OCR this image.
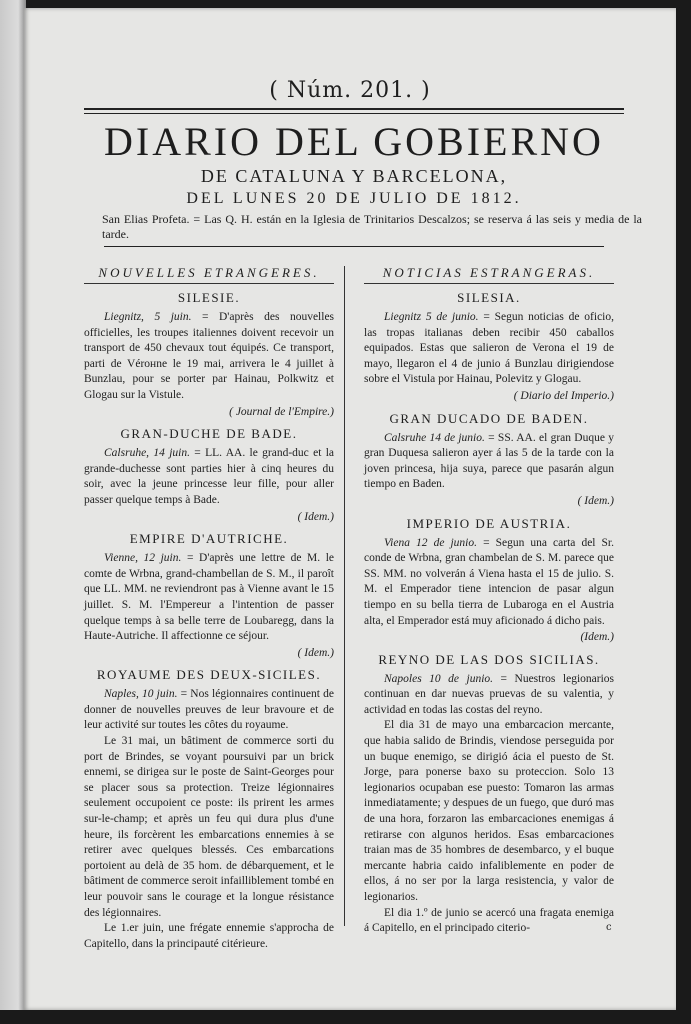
( Núm. 201. )
DIARIO DEL GOBIERNO
DE CATALUNA Y BARCELONA,
DEL LUNES 20 DE JULIO DE 1812.
San Elias Profeta. = Las Q. H. están en la Iglesia de Trinitarios Descalzos; se reserva á las seis y media de la tarde.
NOUVELLES ETRANGERES.
SILESIE.

Liegnitz, 5 juin. = D'après des nouvelles officielles, les troupes italiennes doivent recevoir un transport de 450 chevaux tout équipés. Ce transport, parti de Vérонne le 19 mai, arrivera le 4 juillet à Bunzlau, pour se porter par Hainau, Polkwitz et Glogau sur la Vistule.

( Journal de l'Empire.)
GRAN-DUCHE DE BADE.

Calsruhe, 14 juin. = LL. AA. le grand-duc et la grande-duchesse sont parties hier à cinq heures du soir, avec la jeune princesse leur fille, pour aller passer quelque temps à Bade.

( Idem.)
EMPIRE D'AUTRICHE.

Vienne, 12 juin. = D'après une lettre de M. le comte de Wrbna, grand-chambellan de S. M., il paroît que LL. MM. ne reviendront pas à Vienne avant le 15 juillet. S. M. l'Empereur a l'intention de passer quelque temps à sa belle terre de Loubaregg, dans la Haute-Autriche. Il affectionne ce séjour.

( Idem.)
ROYAUME DES DEUX-SICILES.

Naples, 10 juin. = Nos légionnaires continuent de donner de nouvelles preuves de leur bravoure et de leur activité sur toutes les côtes du royaume.

Le 31 mai, un bâtiment de commerce sorti du port de Brindes, se voyant poursuivi par un brick ennemi, se dirigea sur le poste de Saint-Georges pour se placer sous sa protection. Treize légionnaires seulement occupoient ce poste: ils prirent les armes sur-le-champ; et après un feu qui dura plus d'une heure, ils forcèrent les embarcations ennemies à se retirer avec quelques blessés. Ces embarcations portoient au delà de 35 hom. de débarquement, et le bâtiment de commerce seroit infailliblement tombé en leur pouvoir sans le courage et la longue résistance des légionnaires.

Le 1.er juin, une frégate ennemie s'approcha de Capitello, dans la principauté citérieure.

NOTICIAS ESTRANGERAS.
SILESIA.

Liegnitz 5 de junio. = Segun noticias de oficio, las tropas italianas deben recibir 450 caballos equipados. Estas que salieron de Verona el 19 de mayo, llegaron el 4 de junio á Bunzlau dirigiendose sobre el Vistula por Hainau, Polevitz y Glogau.

( Diario del Imperio.)
GRAN DUCADO DE BADEN.

Calsruhe 14 de junio. = SS. AA. el gran Duque y gran Duquesa salieron ayer á las 5 de la tarde con la joven princesa, hija suya, parece que pasarán algun tiempo en Baden.

( Idem.)
IMPERIO DE AUSTRIA.

Viena 12 de junio. = Segun una carta del Sr. conde de Wrbna, gran chambelan de S. M. parece que SS. MM. no volverán á Viena hasta el 15 de julio. S. M. el Emperador tiene intencion de pasar algun tiempo en su bella tierra de Lubaroga en el Austria alta, el Emperador está muy aficionado á dicho pais.

(Idem.)
REYNO DE LAS DOS SICILIAS.

Napoles 10 de junio. = Nuestros legionarios continuan en dar nuevas pruevas de su valentia, y actividad en todas las costas del reyno.

El dia 31 de mayo una embarcacion mercante, que habia salido de Brindis, viendose perseguida por un buque enemigo, se dirigió ácia el puesto de St. Jorge, para ponerse baxo su proteccion. Solo 13 legionarios ocupaban ese puesto: Tomaron las armas inmediatamente; y despues de un fuego, que duró mas de una hora, forzaron las embarcaciones enemigas á retirarse con algunos heridos. Esas embarcaciones traian mas de 35 hombres de desembarco, y el buque mercante habria caido infaliblemente en poder de ellos, á no ser por la larga resistencia, y valor de legionarios.

El dia 1.º de junio se acercó una fragata enemiga á Capitello, en el principado citerio-	c
